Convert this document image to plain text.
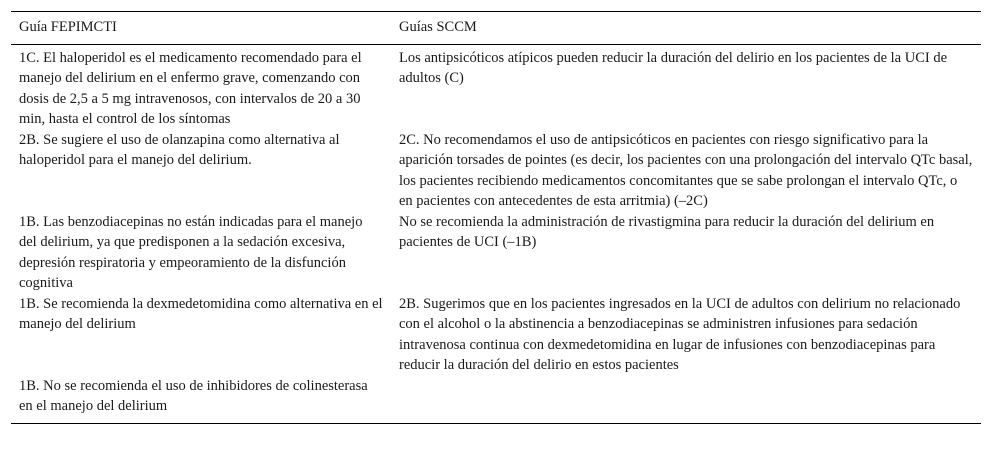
Guía FEPIMCTI	Guías SCCM
1C. El haloperidol es el medicamento recomendado para el manejo del delirium en el enfermo grave, comenzando con dosis de 2,5 a 5 mg intravenosos, con intervalos de 20 a 30 min, hasta el control de los síntomas	Los antipsicóticos atípicos pueden reducir la duración del delirio en los pacientes de la UCI de adultos (C)
2B. Se sugiere el uso de olanzapina como alternativa al haloperidol para el manejo del delirium.	2C. No recomendamos el uso de antipsicóticos en pacientes con riesgo significativo para la aparición torsades de pointes (es decir, los pacientes con una prolongación del intervalo QTc basal, los pacientes recibiendo medicamentos concomitantes que se sabe prolongan el intervalo QTc, o en pacientes con antecedentes de esta arritmia) (–2C)
1B. Las benzodiacepinas no están indicadas para el manejo del delirium, ya que predisponen a la sedación excesiva, depresión respiratoria y empeoramiento de la disfunción cognitiva	No se recomienda la administración de rivastigmina para reducir la duración del delirium en pacientes de UCI (–1B)
1B. Se recomienda la dexmedetomidina como alternativa en el manejo del delirium	2B. Sugerimos que en los pacientes ingresados en la UCI de adultos con delirium no relacionado con el alcohol o la abstinencia a benzodiacepinas se administren infusiones para sedación intravenosa continua con dexmedetomidina en lugar de infusiones con benzodiacepinas para reducir la duración del delirio en estos pacientes
1B. No se recomienda el uso de inhibidores de colinesterasa en el manejo del delirium	
